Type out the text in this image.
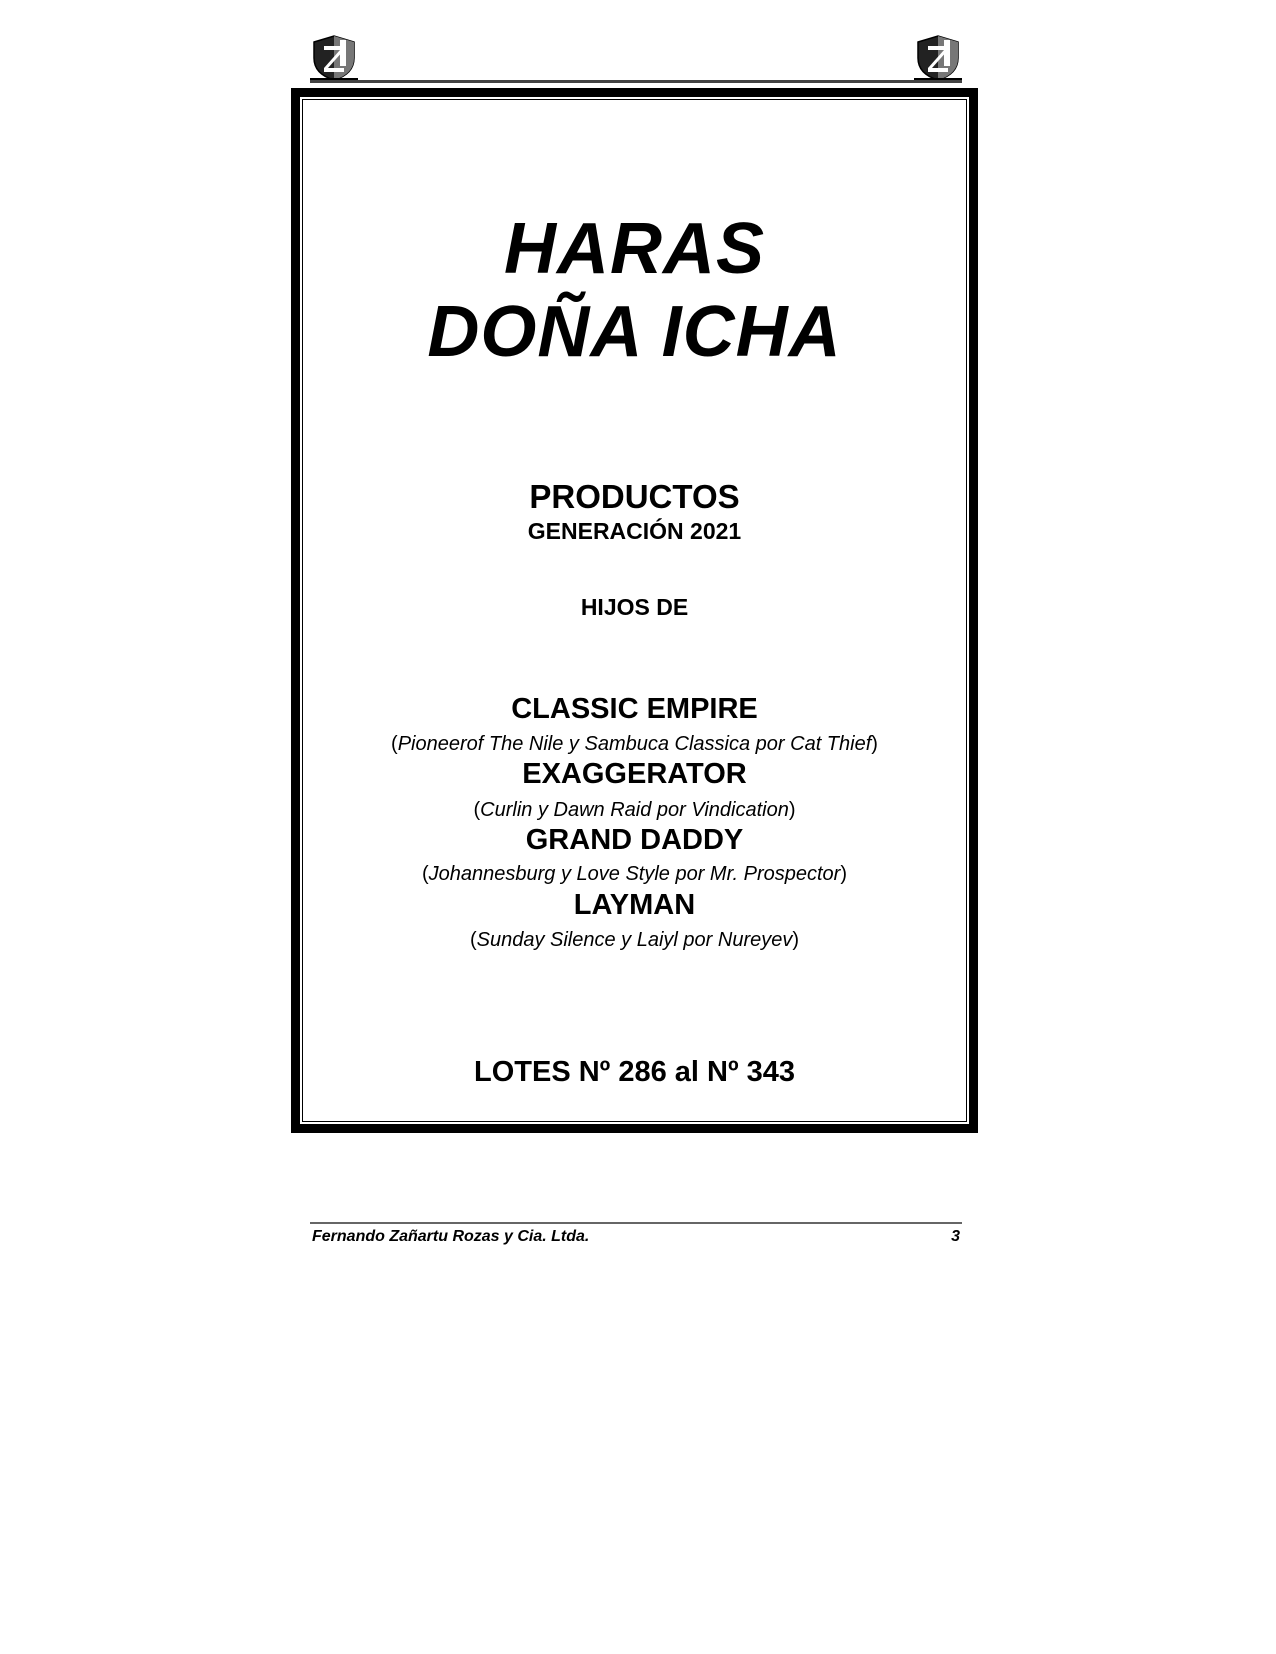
HARAS
DOÑA ICHA
PRODUCTOS
GENERACIÓN 2021
HIJOS DE
CLASSIC EMPIRE
(Pioneerof The Nile y Sambuca Classica por Cat Thief)
EXAGGERATOR
(Curlin y Dawn Raid por Vindication)
GRAND DADDY
(Johannesburg y Love Style por Mr. Prospector)
LAYMAN
(Sunday Silence y Laiyl por Nureyev)
LOTES Nº 286 al Nº 343
Fernando Zañartu Rozas y Cia. Ltda.	3
